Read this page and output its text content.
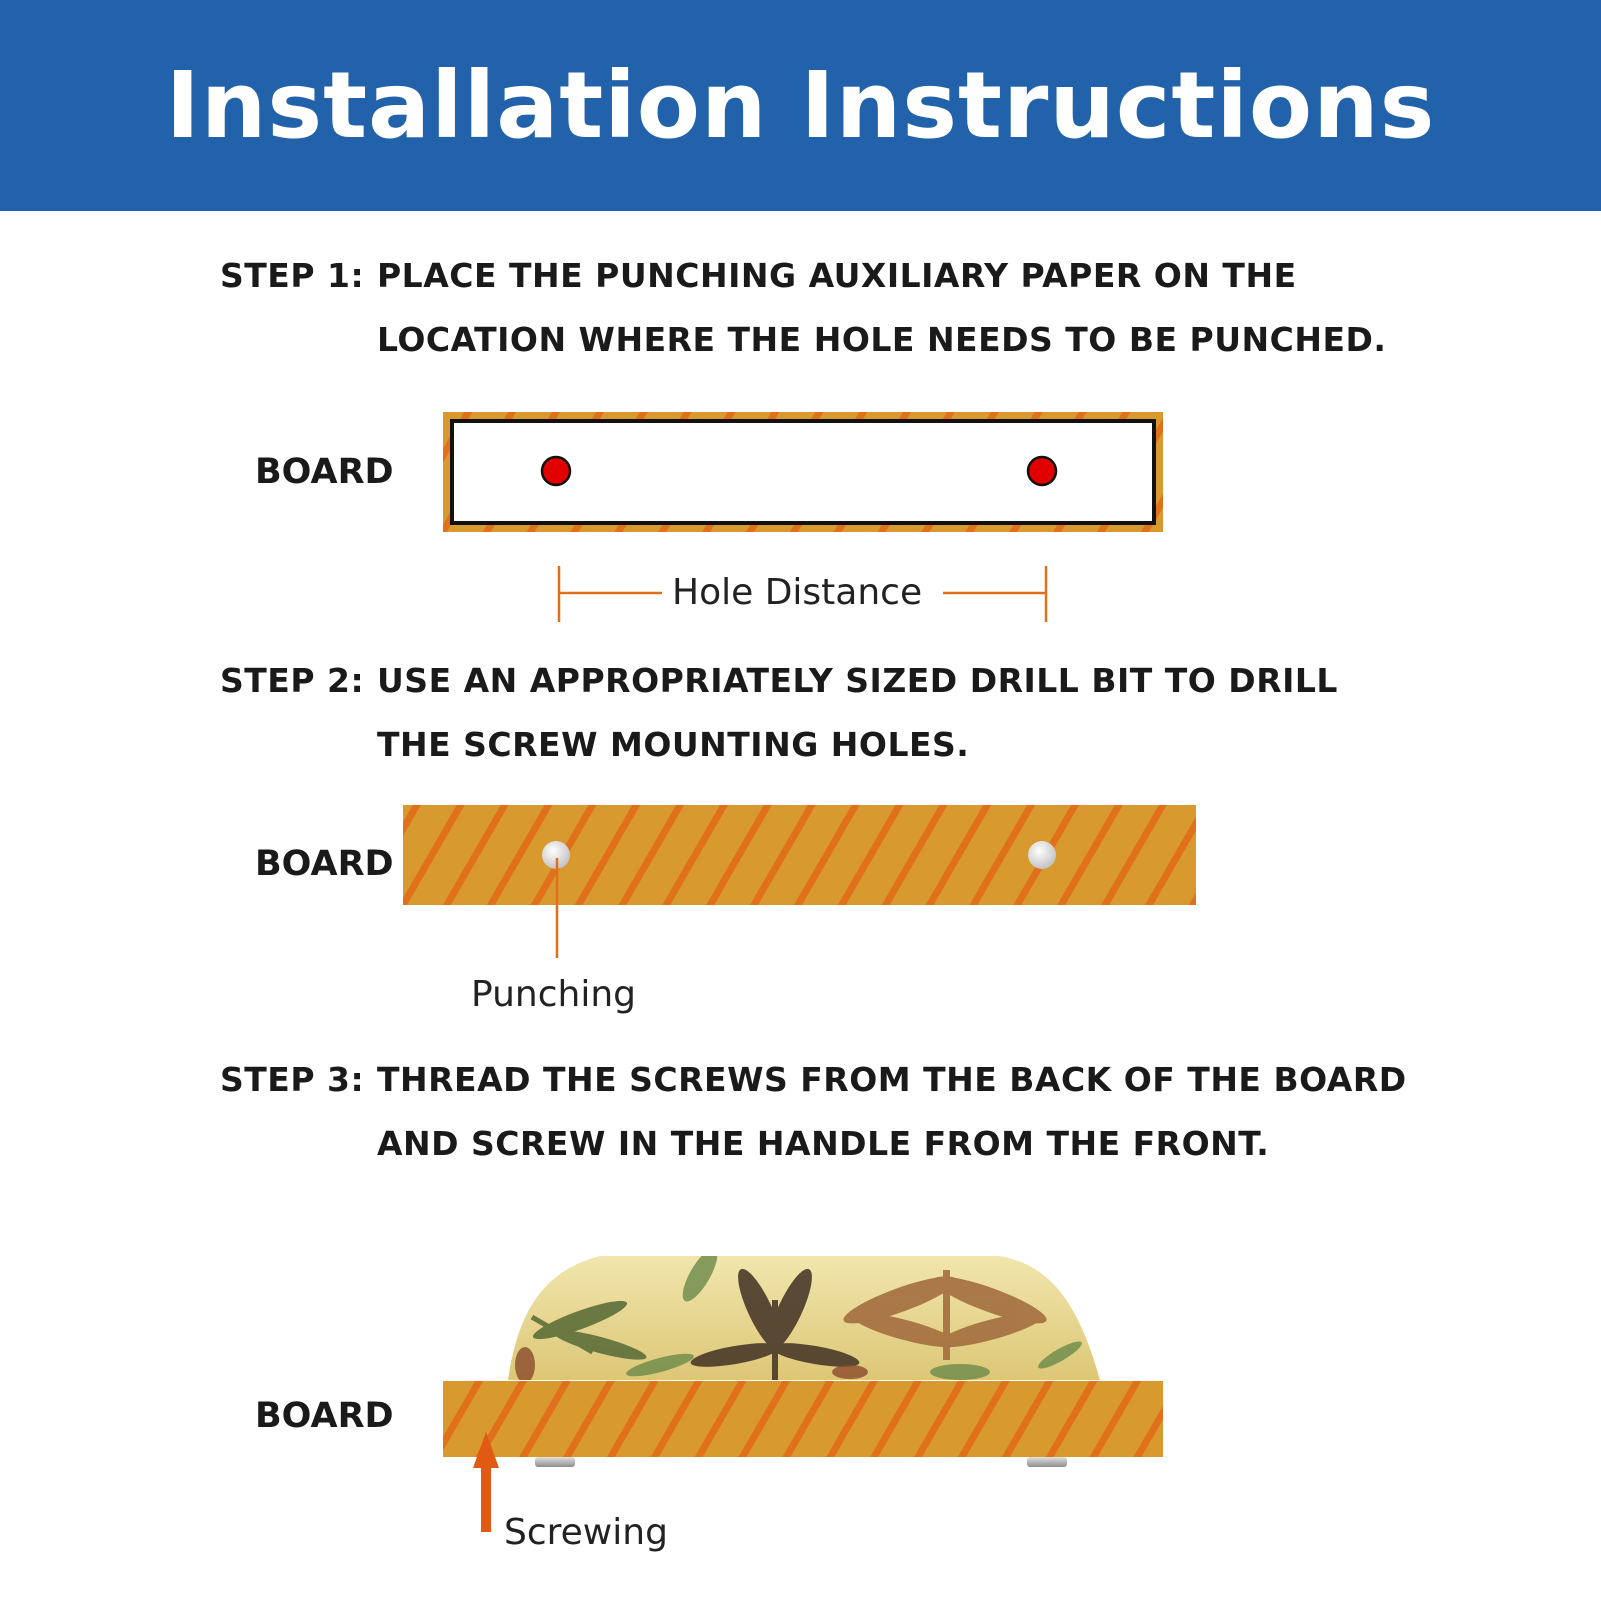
Installation Instructions
STEP 1: PLACE THE PUNCHING AUXILIARY PAPER ON THE
LOCATION WHERE THE HOLE NEEDS TO BE PUNCHED.
STEP 2: USE AN APPROPRIATELY SIZED DRILL BIT TO DRILL
THE SCREW MOUNTING HOLES.
STEP 3: THREAD THE SCREWS FROM THE BACK OF THE BOARD
AND SCREW IN THE HANDLE FROM THE FRONT.
BOARD
BOARD
BOARD
Hole Distance
Punching
Screwing
